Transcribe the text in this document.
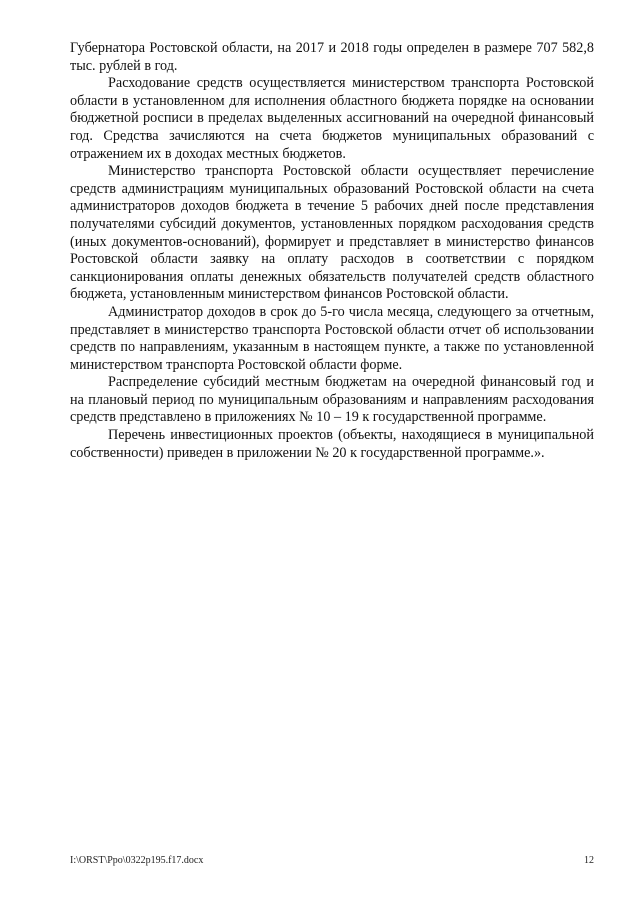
Губернатора Ростовской области, на 2017 и 2018 годы определен в размере 707 582,8 тыс. рублей в год.

Расходование средств осуществляется министерством транспорта Ростовской области в установленном для исполнения областного бюджета порядке на основании бюджетной росписи в пределах выделенных ассигнований на очередной финансовый год. Средства зачисляются на счета бюджетов муниципальных образований с отражением их в доходах местных бюджетов.

Министерство транспорта Ростовской области осуществляет перечисление средств администрациям муниципальных образований Ростовской области на счета администраторов доходов бюджета в течение 5 рабочих дней после представления получателями субсидий документов, установленных порядком расходования средств (иных документов-оснований), формирует и представляет в министерство финансов Ростовской области заявку на оплату расходов в соответствии с порядком санкционирования оплаты денежных обязательств получателей средств областного бюджета, установленным министерством финансов Ростовской области.

Администратор доходов в срок до 5-го числа месяца, следующего за отчетным, представляет в министерство транспорта Ростовской области отчет об использовании средств по направлениям, указанным в настоящем пункте, а также по установленной министерством транспорта Ростовской области форме.

Распределение субсидий местным бюджетам на очередной финансовый год и на плановый период по муниципальным образованиям и направлениям расходования средств представлено в приложениях № 10 – 19 к государственной программе.

Перечень инвестиционных проектов (объекты, находящиеся в муниципальной собственности) приведен в приложении № 20 к государственной программе.».

I:\ORST\Ppo\0322p195.f17.docx	12
